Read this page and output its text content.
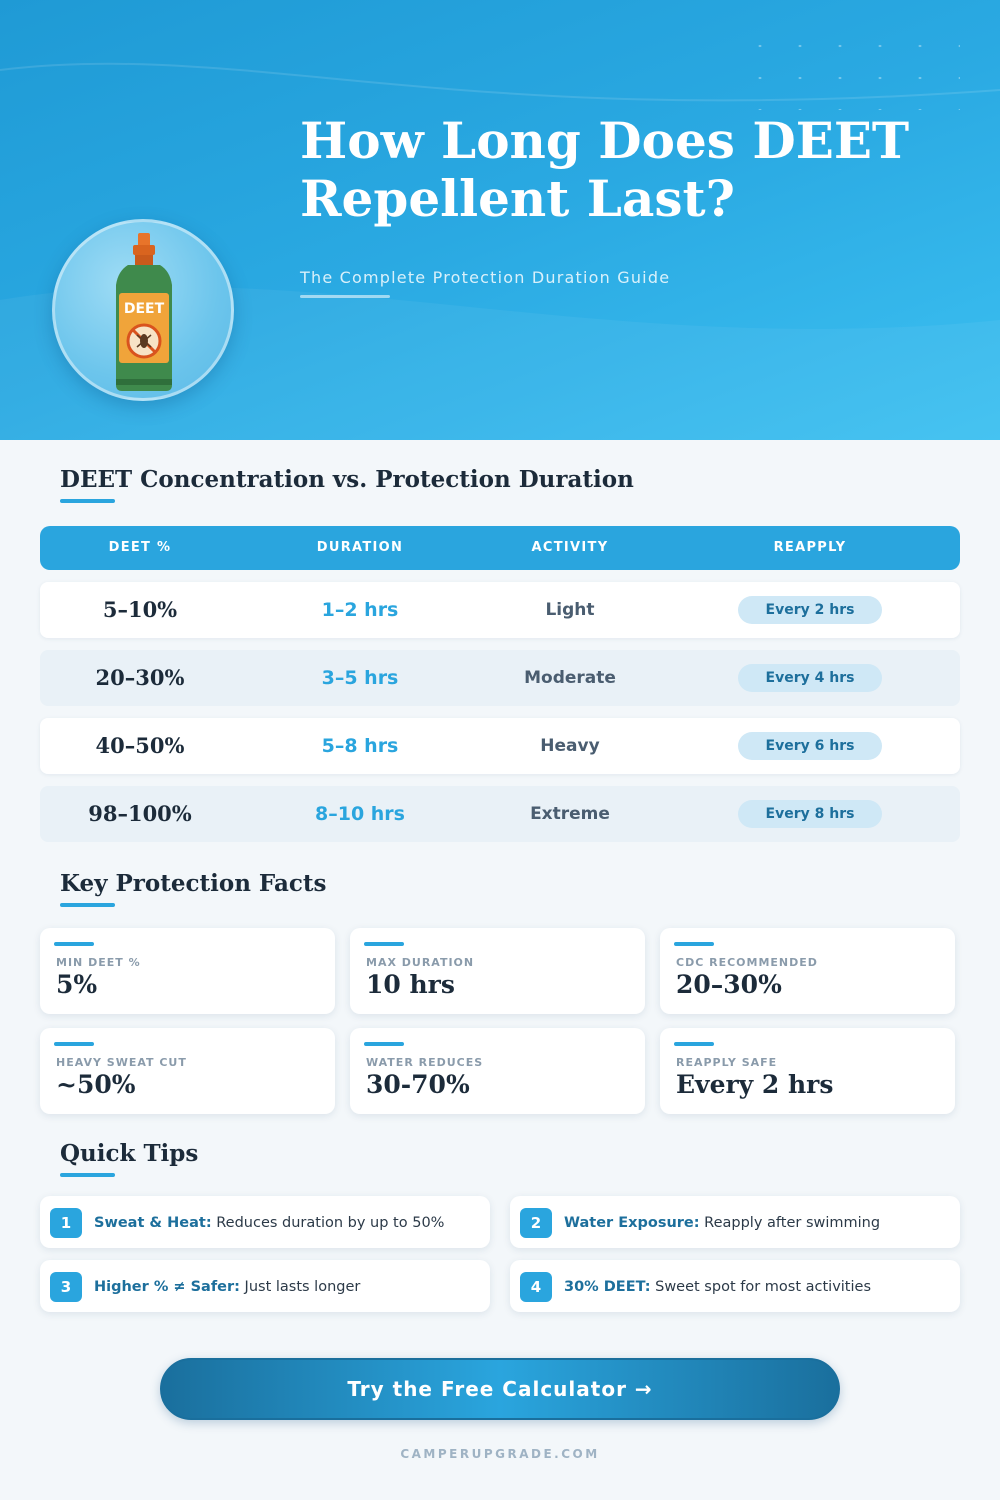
How Long Does DEET Repellent Last?
The Complete Protection Duration Guide
DEET
DEET Concentration vs. Protection Duration
DEET %	DURATION	ACTIVITY	REAPPLY
5–10%	1–2 hrs	Light	Every 2 hrs
20–30%	3–5 hrs	Moderate	Every 4 hrs
40–50%	5–8 hrs	Heavy	Every 6 hrs
98–100%	8–10 hrs	Extreme	Every 8 hrs
Key Protection Facts
MIN DEET %
5%
MAX DURATION
10 hrs
CDC RECOMMENDED
20–30%
HEAVY SWEAT CUT
~50%
WATER REDUCES
30-70%
REAPPLY SAFE
Every 2 hrs
Quick Tips
1	Sweat & Heat: Reduces duration by up to 50%	2	Water Exposure: Reapply after swimming
3	Higher % ≠ Safer: Just lasts longer	4	30% DEET: Sweet spot for most activities
Try the Free Calculator →
CAMPERUPGRADE.COM
